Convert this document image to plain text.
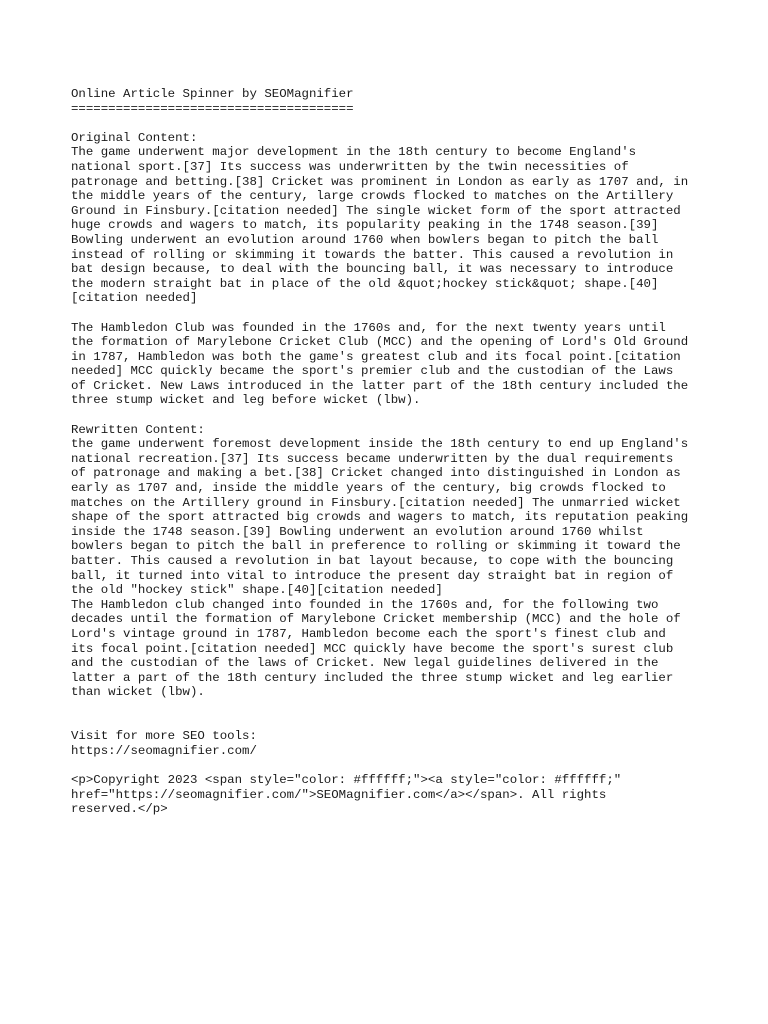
Online Article Spinner by SEOMagnifier
======================================
Original Content:
The game underwent major development in the 18th century to become England's
national sport.[37] Its success was underwritten by the twin necessities of
patronage and betting.[38] Cricket was prominent in London as early as 1707 and, in
the middle years of the century, large crowds flocked to matches on the Artillery
Ground in Finsbury.[citation needed] The single wicket form of the sport attracted
huge crowds and wagers to match, its popularity peaking in the 1748 season.[39]
Bowling underwent an evolution around 1760 when bowlers began to pitch the ball
instead of rolling or skimming it towards the batter. This caused a revolution in
bat design because, to deal with the bouncing ball, it was necessary to introduce
the modern straight bat in place of the old &quot;hockey stick&quot; shape.[40]
[citation needed]
The Hambledon Club was founded in the 1760s and, for the next twenty years until
the formation of Marylebone Cricket Club (MCC) and the opening of Lord's Old Ground
in 1787, Hambledon was both the game's greatest club and its focal point.[citation
needed] MCC quickly became the sport's premier club and the custodian of the Laws
of Cricket. New Laws introduced in the latter part of the 18th century included the
three stump wicket and leg before wicket (lbw).
Rewritten Content:
the game underwent foremost development inside the 18th century to end up England's
national recreation.[37] Its success became underwritten by the dual requirements
of patronage and making a bet.[38] Cricket changed into distinguished in London as
early as 1707 and, inside the middle years of the century, big crowds flocked to
matches on the Artillery ground in Finsbury.[citation needed] The unmarried wicket
shape of the sport attracted big crowds and wagers to match, its reputation peaking
inside the 1748 season.[39] Bowling underwent an evolution around 1760 whilst
bowlers began to pitch the ball in preference to rolling or skimming it toward the
batter. This caused a revolution in bat layout because, to cope with the bouncing
ball, it turned into vital to introduce the present day straight bat in region of
the old "hockey stick" shape.[40][citation needed]
The Hambledon club changed into founded in the 1760s and, for the following two
decades until the formation of Marylebone Cricket membership (MCC) and the hole of
Lord's vintage ground in 1787, Hambledon become each the sport's finest club and
its focal point.[citation needed] MCC quickly have become the sport's surest club
and the custodian of the laws of Cricket. New legal guidelines delivered in the
latter a part of the 18th century included the three stump wicket and leg earlier
than wicket (lbw).
Visit for more SEO tools:
https://seomagnifier.com/
<p>Copyright 2023 <span style="color: #ffffff;"><a style="color: #ffffff;"
href="https://seomagnifier.com/">SEOMagnifier.com</a></span>. All rights
reserved.</p>
